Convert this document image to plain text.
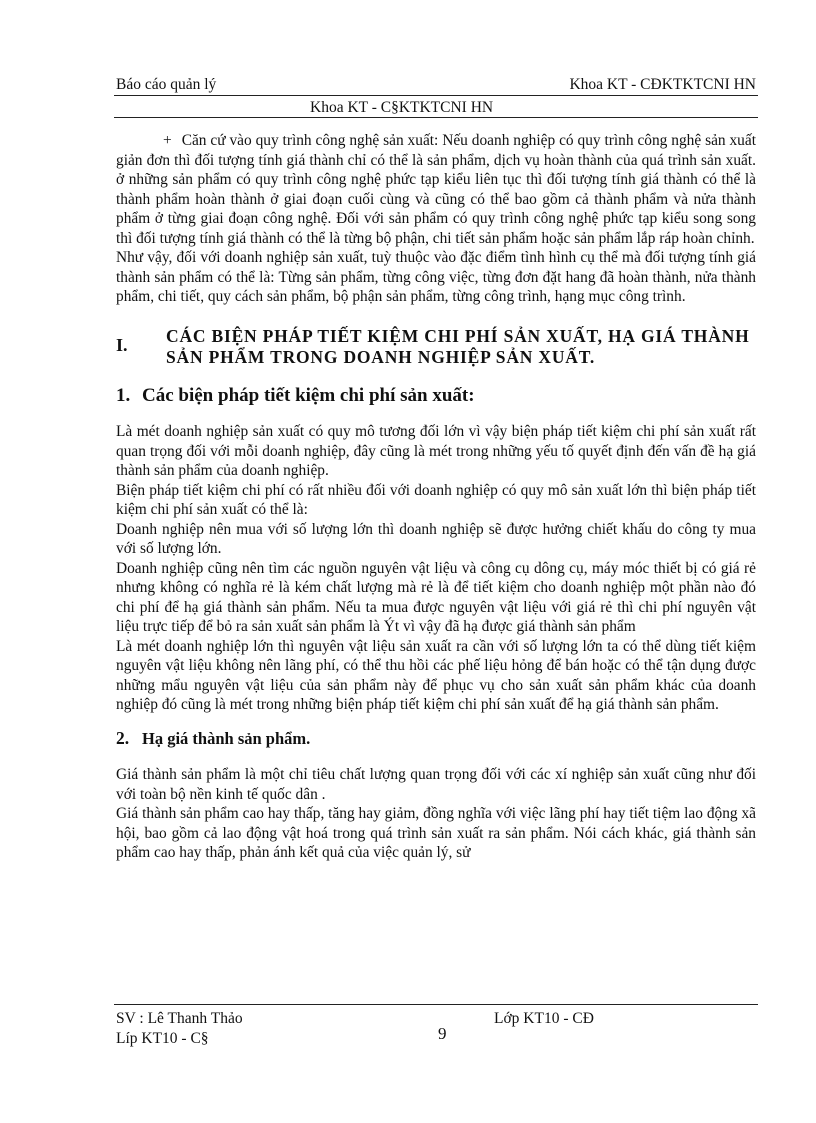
Báo cáo quản lý	Khoa KT - CĐKTKTCNI HN
Khoa KT - C§KTKTCNI HN

+ Căn cứ vào quy trình công nghệ sản xuất: Nếu doanh nghiệp có quy trình công nghệ sản xuất giản đơn thì đối tượng tính giá thành chỉ có thể là sản phẩm, dịch vụ hoàn thành của quá trình sản xuất. ở những sản phẩm có quy trình công nghệ phức tạp kiểu liên tục thì đối tượng tính giá thành có thể là thành phẩm hoàn thành ở giai đoạn cuối cùng và cũng có thể bao gồm cả thành phẩm và nửa thành phẩm ở từng giai đoạn công nghệ. Đối với sản phẩm có quy trình công nghệ phức tạp kiểu song song thì đối tượng tính giá thành có thể là từng bộ phận, chi tiết sản phẩm hoặc sản phẩm lắp ráp hoàn chỉnh.

Như vậy, đối với doanh nghiệp sản xuất, tuỳ thuộc vào đặc điểm tình hình cụ thể mà đối tượng tính giá thành sản phẩm có thể là: Từng sản phẩm, từng công việc, từng đơn đặt hang đã hoàn thành, nửa thành phẩm, chi tiết, quy cách sản phẩm, bộ phận sản phẩm, từng công trình, hạng mục công trình.

I.	CÁC BIỆN PHÁP TIẾT KIỆM CHI PHÍ SẢN XUẤT, HẠ GIÁ THÀNH SẢN PHẨM TRONG DOANH NGHIỆP SẢN XUẤT.
1. Các biện pháp tiết kiệm chi phí sản xuất:

Là mét doanh nghiệp sản xuất có quy mô tương đối lớn vì vậy biện pháp tiết kiệm chi phí sản xuất rất quan trọng đối với mỗi doanh nghiệp, đây cũng là mét trong những yếu tố quyết định đến vấn đề hạ giá thành sản phẩm của doanh nghiệp.

Biện pháp tiết kiệm chi phí có rất nhiều đối với doanh nghiệp có quy mô sản xuất lớn thì biện pháp tiết kiệm chi phí sản xuất có thể là:

Doanh nghiệp nên mua với số lượng lớn thì doanh nghiệp sẽ được hưởng chiết khấu do công ty mua với số lượng lớn.

Doanh nghiệp cũng nên tìm các nguồn nguyên vật liệu và công cụ dông cụ, máy móc thiết bị có giá rẻ nhưng không có nghĩa rẻ là kém chất lượng mà rẻ là để tiết kiệm cho doanh nghiệp một phần nào đó chi phí để hạ giá thành sản phẩm. Nếu ta mua được nguyên vật liệu với giá rẻ thì chi phí nguyên vật liệu trực tiếp để bỏ ra sản xuất sản phẩm là Ýt vì vậy đã hạ được giá thành sản phẩm

Là mét doanh nghiệp lớn thì nguyên vật liệu sản xuất ra cần với số lượng lớn ta có thể dùng tiết kiệm nguyên vật liệu không nên lãng phí, có thể thu hồi các phế liệu hỏng để bán hoặc có thể tận dụng được những mẩu nguyên vật liệu của sản phẩm này để phục vụ cho sản xuất sản phẩm khác của doanh nghiệp đó cũng là mét trong những biện pháp tiết kiệm chi phí sản xuất để hạ giá thành sản phẩm.

2. Hạ giá thành sản phẩm.

Giá thành sản phẩm là một chỉ tiêu chất lượng quan trọng đối với các xí nghiệp sản xuất cũng như đối với toàn bộ nền kinh tế quốc dân .

Giá thành sản phẩm cao hay thấp, tăng hay giảm, đồng nghĩa với việc lãng phí hay tiết tiệm lao động xã hội, bao gồm cả lao động vật hoá trong quá trình sản xuất ra sản phẩm. Nói cách khác, giá thành sản phẩm cao hay thấp, phản ánh kết quả của việc quản lý, sử

SV : Lê Thanh Thảo	Lớp KT10 - CĐ
Líp KT10 - C§	9
